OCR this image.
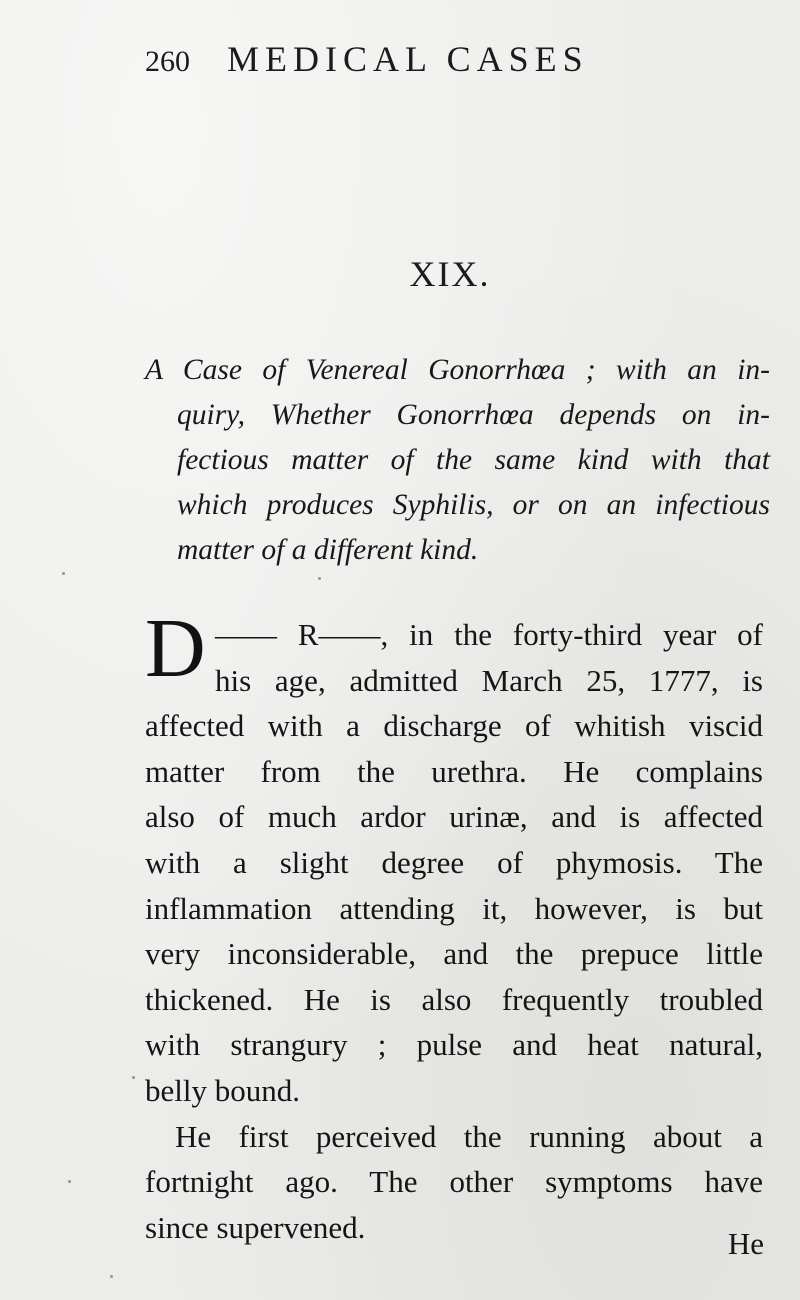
260 MEDICAL CASES
XIX.
A Case of Venereal Gonorrhœa ; with an in-
quiry, Whether Gonorrhœa depends on in-
fectious matter of the same kind with that
which produces Syphilis, or on an infectious
matter of a different kind.
D —— R——, in the forty-third year of
his age, admitted March 25, 1777, is
affected with a discharge of whitish viscid
matter from the urethra. He complains
also of much ardor urinæ, and is affected
with a slight degree of phymosis. The
inflammation attending it, however, is but
very inconsiderable, and the prepuce little
thickened. He is also frequently troubled
with strangury ; pulse and heat natural,
belly bound.
He first perceived the running about a
fortnight ago. The other symptoms have
since supervened.	He
